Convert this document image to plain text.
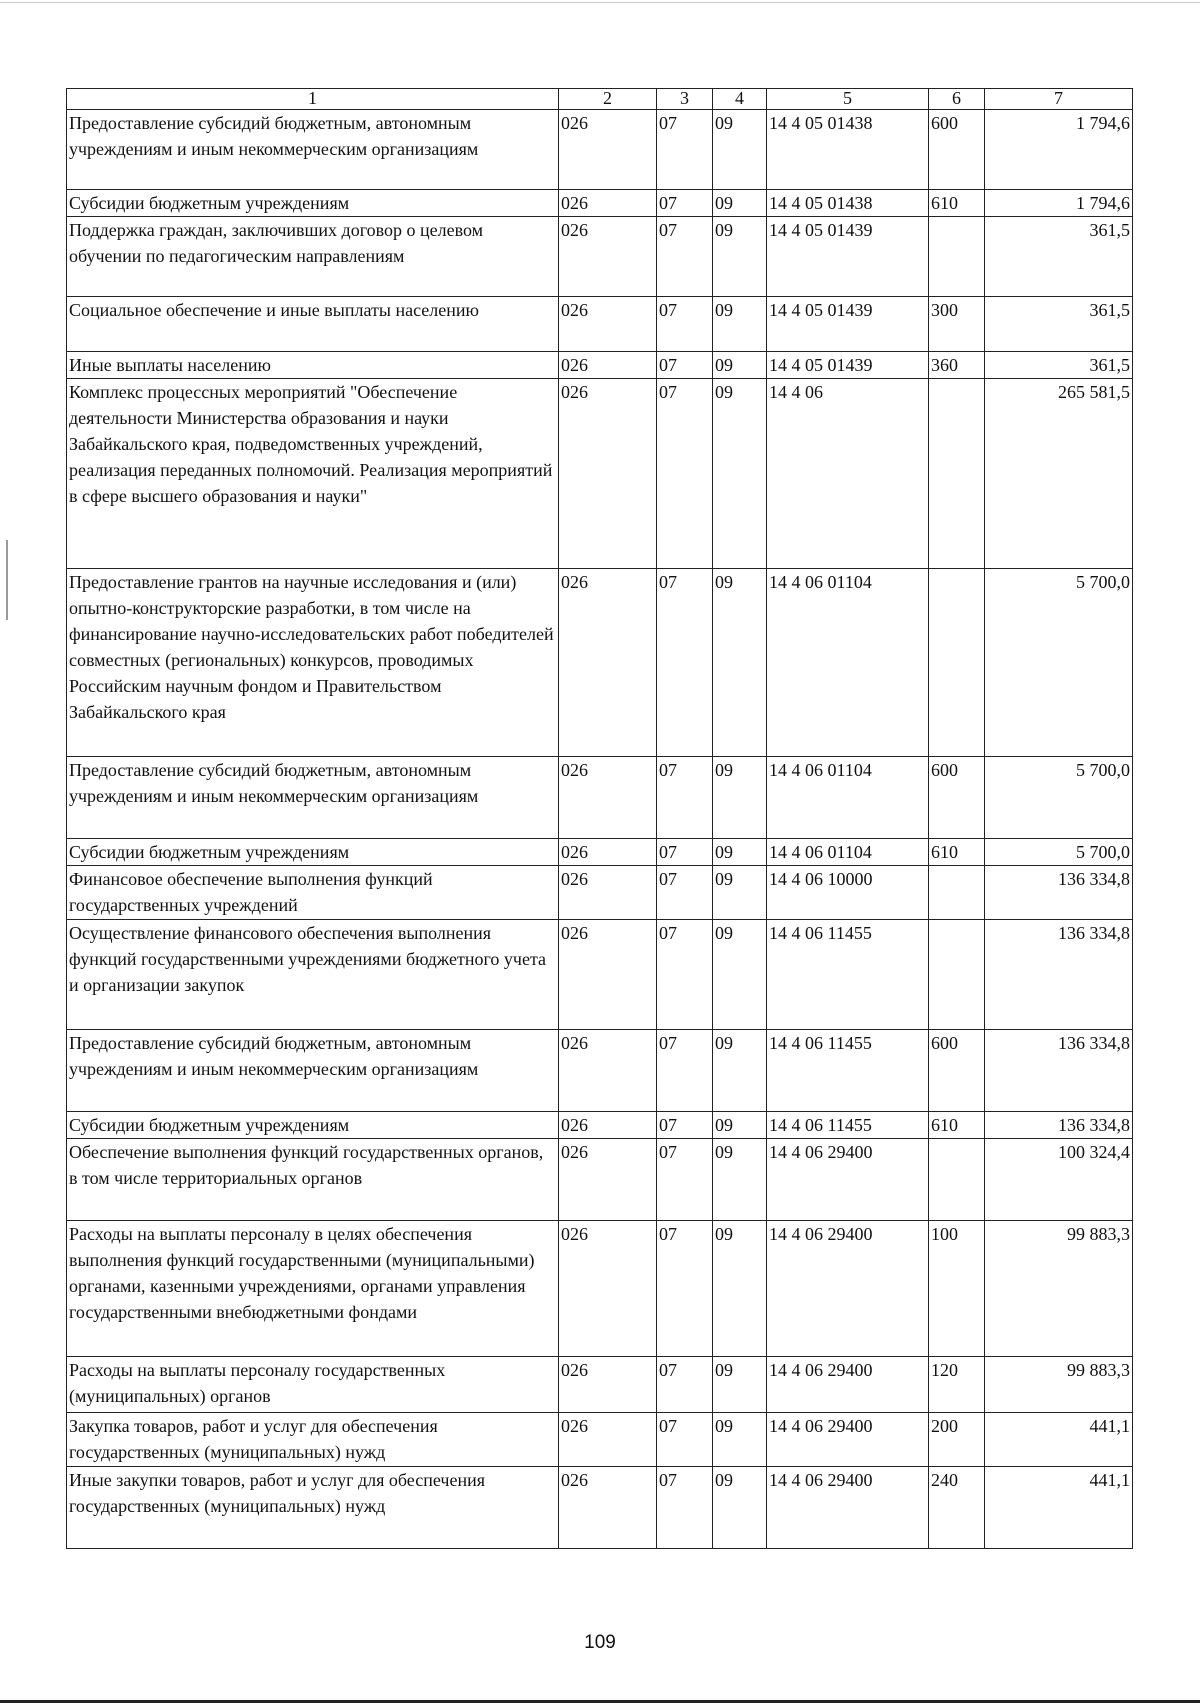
1	2	3	4	5	6	7
Предоставление субсидий бюджетным, автономным учреждениям и иным некоммерческим организациям	026	07	09	14 4 05 01438	600	1 794,6
Субсидии бюджетным учреждениям	026	07	09	14 4 05 01438	610	1 794,6
Поддержка граждан, заключивших договор о целевом обучении по педагогическим направлениям	026	07	09	14 4 05 01439		361,5
Социальное обеспечение и иные выплаты населению	026	07	09	14 4 05 01439	300	361,5
Иные выплаты населению	026	07	09	14 4 05 01439	360	361,5
Комплекс процессных мероприятий "Обеспечение деятельности Министерства образования и науки Забайкальского края, подведомственных учреждений, реализация переданных полномочий. Реализация мероприятий в сфере высшего образования и науки"	026	07	09	14 4 06		265 581,5
Предоставление грантов на научные исследования и (или) опытно-конструкторские разработки, в том числе на финансирование научно-исследовательских работ победителей совместных (региональных) конкурсов, проводимых Российским научным фондом и Правительством Забайкальского края	026	07	09	14 4 06 01104		5 700,0
Предоставление субсидий бюджетным, автономным учреждениям и иным некоммерческим организациям	026	07	09	14 4 06 01104	600	5 700,0
Субсидии бюджетным учреждениям	026	07	09	14 4 06 01104	610	5 700,0
Финансовое обеспечение выполнения функций государственных учреждений	026	07	09	14 4 06 10000		136 334,8
Осуществление финансового обеспечения выполнения функций государственными учреждениями бюджетного учета и организации закупок	026	07	09	14 4 06 11455		136 334,8
Предоставление субсидий бюджетным, автономным учреждениям и иным некоммерческим организациям	026	07	09	14 4 06 11455	600	136 334,8
Субсидии бюджетным учреждениям	026	07	09	14 4 06 11455	610	136 334,8
Обеспечение выполнения функций государственных органов, в том числе территориальных органов	026	07	09	14 4 06 29400		100 324,4
Расходы на выплаты персоналу в целях обеспечения выполнения функций государственными (муниципальными) органами, казенными учреждениями, органами управления государственными внебюджетными фондами	026	07	09	14 4 06 29400	100	99 883,3
Расходы на выплаты персоналу государственных (муниципальных) органов	026	07	09	14 4 06 29400	120	99 883,3
Закупка товаров, работ и услуг для обеспечения государственных (муниципальных) нужд	026	07	09	14 4 06 29400	200	441,1
Иные закупки товаров, работ и услуг для обеспечения государственных (муниципальных) нужд	026	07	09	14 4 06 29400	240	441,1
109
